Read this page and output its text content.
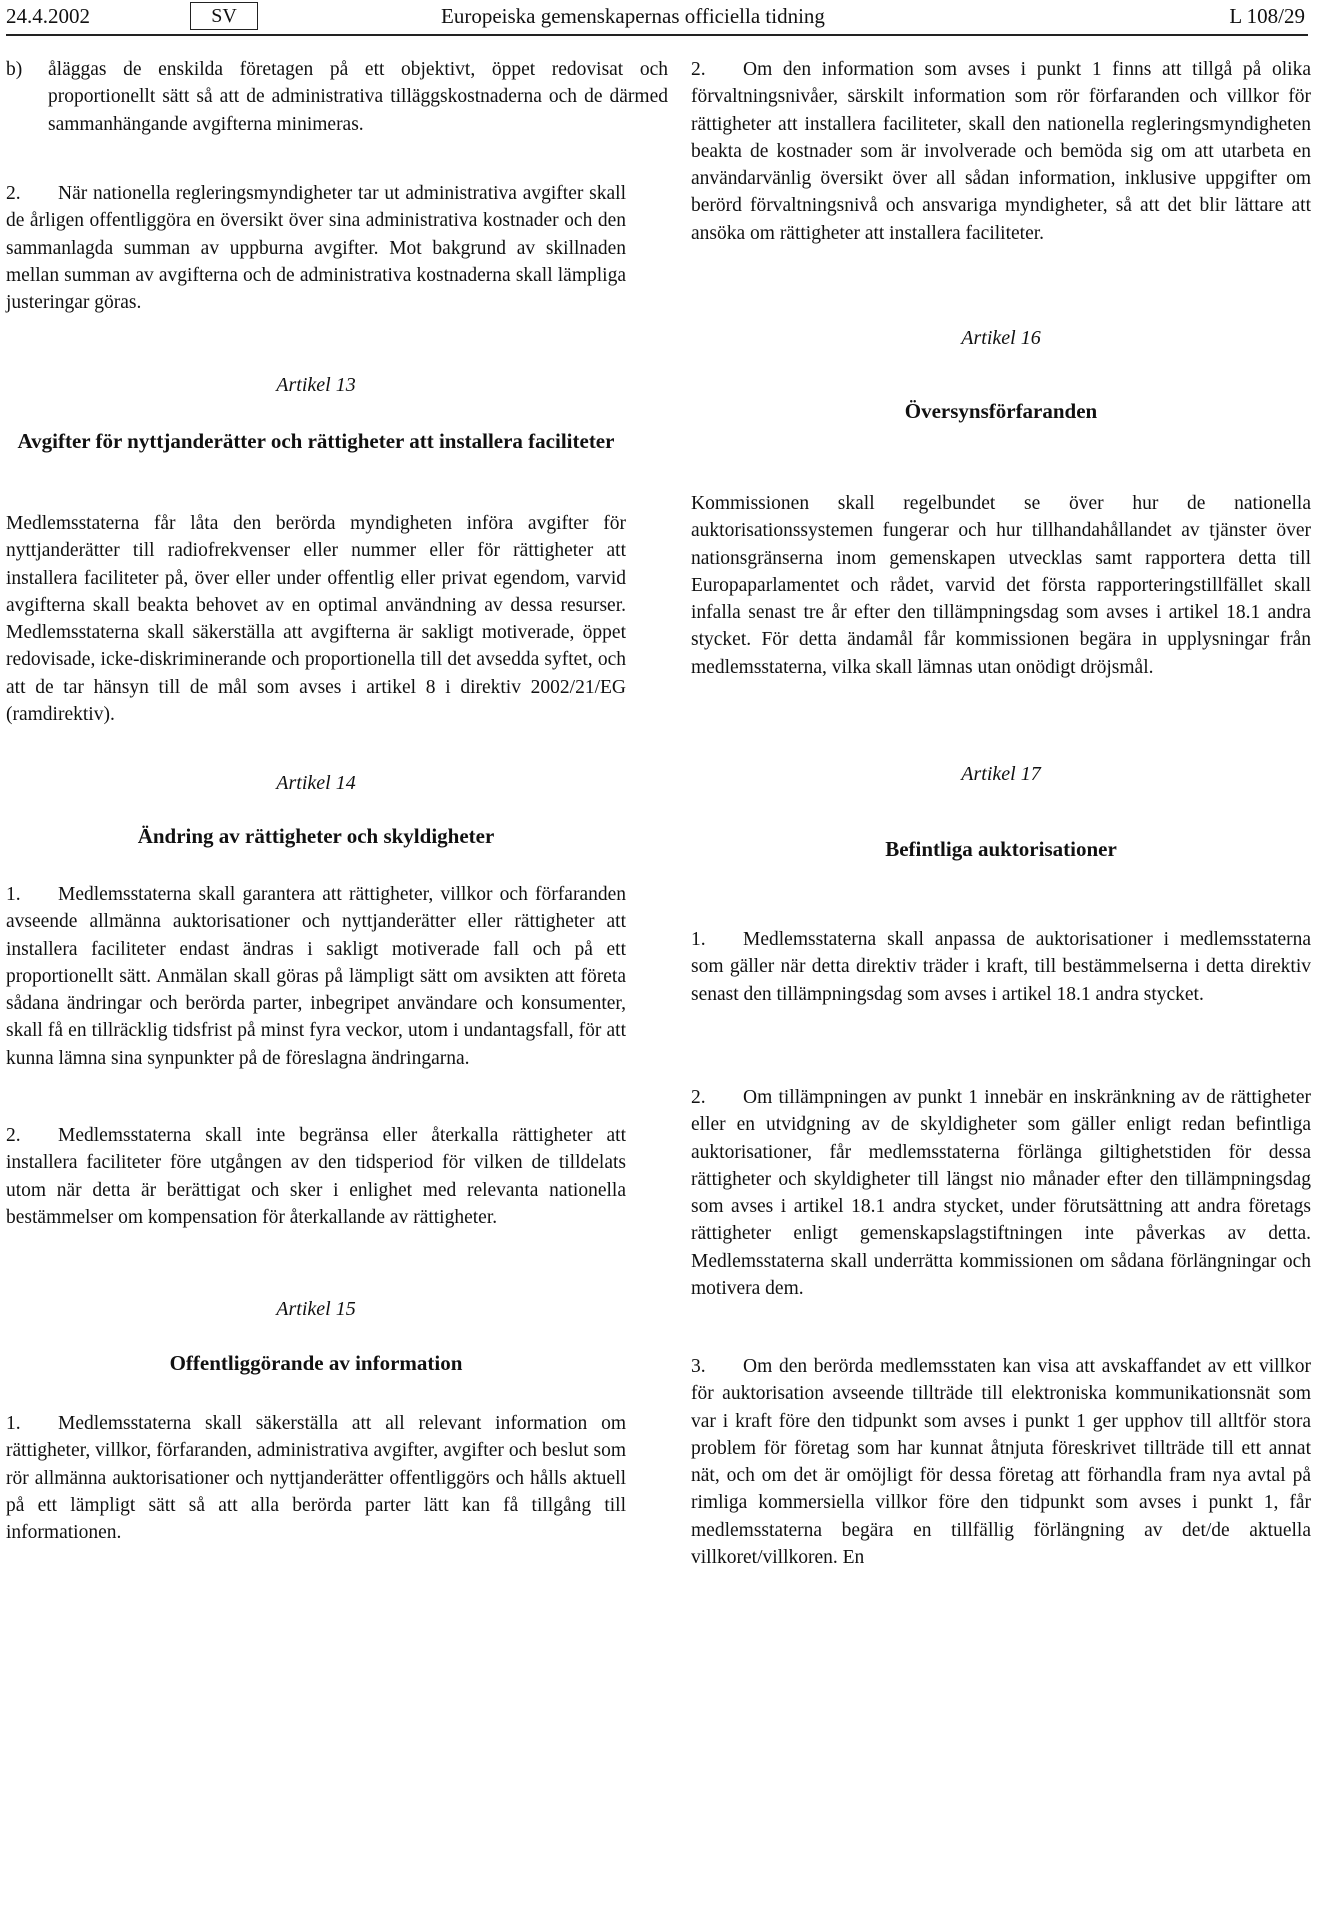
24.4.2002	SV	Europeiska gemenskapernas officiella tidning	L 108/29
b) åläggas de enskilda företagen på ett objektivt, öppet redovisat och proportionellt sätt så att de administrativa tilläggskostnaderna och de därmed sammanhängande avgifterna minimeras.
2. När nationella regleringsmyndigheter tar ut administrativa avgifter skall de årligen offentliggöra en översikt över sina administrativa kostnader och den sammanlagda summan av uppburna avgifter. Mot bakgrund av skillnaden mellan summan av avgifterna och de administrativa kostnaderna skall lämpliga justeringar göras.
Artikel 13
Avgifter för nyttjanderätter och rättigheter att installera faciliteter
Medlemsstaterna får låta den berörda myndigheten införa avgifter för nyttjanderätter till radiofrekvenser eller nummer eller för rättigheter att installera faciliteter på, över eller under offentlig eller privat egendom, varvid avgifterna skall beakta behovet av en optimal användning av dessa resurser. Medlemsstaterna skall säkerställa att avgifterna är sakligt motiverade, öppet redovisade, icke-diskriminerande och proportionella till det avsedda syftet, och att de tar hänsyn till de mål som avses i artikel 8 i direktiv 2002/21/EG (ramdirektiv).
Artikel 14
Ändring av rättigheter och skyldigheter
1. Medlemsstaterna skall garantera att rättigheter, villkor och förfaranden avseende allmänna auktorisationer och nyttjanderätter eller rättigheter att installera faciliteter endast ändras i sakligt motiverade fall och på ett proportionellt sätt. Anmälan skall göras på lämpligt sätt om avsikten att företa sådana ändringar och berörda parter, inbegripet användare och konsumenter, skall få en tillräcklig tidsfrist på minst fyra veckor, utom i undantagsfall, för att kunna lämna sina synpunkter på de föreslagna ändringarna.
2. Medlemsstaterna skall inte begränsa eller återkalla rättigheter att installera faciliteter före utgången av den tidsperiod för vilken de tilldelats utom när detta är berättigat och sker i enlighet med relevanta nationella bestämmelser om kompensation för återkallande av rättigheter.
Artikel 15
Offentliggörande av information
1. Medlemsstaterna skall säkerställa att all relevant information om rättigheter, villkor, förfaranden, administrativa avgifter, avgifter och beslut som rör allmänna auktorisationer och nyttjanderätter offentliggörs och hålls aktuell på ett lämpligt sätt så att alla berörda parter lätt kan få tillgång till informationen.
2. Om den information som avses i punkt 1 finns att tillgå på olika förvaltningsnivåer, särskilt information som rör förfaranden och villkor för rättigheter att installera faciliteter, skall den nationella regleringsmyndigheten beakta de kostnader som är involverade och bemöda sig om att utarbeta en användarvänlig översikt över all sådan information, inklusive uppgifter om berörd förvaltningsnivå och ansvariga myndigheter, så att det blir lättare att ansöka om rättigheter att installera faciliteter.
Artikel 16
Översynsförfaranden
Kommissionen skall regelbundet se över hur de nationella auktorisationssystemen fungerar och hur tillhandahållandet av tjänster över nationsgränserna inom gemenskapen utvecklas samt rapportera detta till Europaparlamentet och rådet, varvid det första rapporteringstillfället skall infalla senast tre år efter den tillämpningsdag som avses i artikel 18.1 andra stycket. För detta ändamål får kommissionen begära in upplysningar från medlemsstaterna, vilka skall lämnas utan onödigt dröjsmål.
Artikel 17
Befintliga auktorisationer
1. Medlemsstaterna skall anpassa de auktorisationer i medlemsstaterna som gäller när detta direktiv träder i kraft, till bestämmelserna i detta direktiv senast den tillämpningsdag som avses i artikel 18.1 andra stycket.
2. Om tillämpningen av punkt 1 innebär en inskränkning av de rättigheter eller en utvidgning av de skyldigheter som gäller enligt redan befintliga auktorisationer, får medlemsstaterna förlänga giltighetstiden för dessa rättigheter och skyldigheter till längst nio månader efter den tillämpningsdag som avses i artikel 18.1 andra stycket, under förutsättning att andra företags rättigheter enligt gemenskapslagstiftningen inte påverkas av detta. Medlemsstaterna skall underrätta kommissionen om sådana förlängningar och motivera dem.
3. Om den berörda medlemsstaten kan visa att avskaffandet av ett villkor för auktorisation avseende tillträde till elektroniska kommunikationsnät som var i kraft före den tidpunkt som avses i punkt 1 ger upphov till alltför stora problem för företag som har kunnat åtnjuta föreskrivet tillträde till ett annat nät, och om det är omöjligt för dessa företag att förhandla fram nya avtal på rimliga kommersiella villkor före den tidpunkt som avses i punkt 1, får medlemsstaterna begära en tillfällig förlängning av det/de aktuella villkoret/villkoren. En
